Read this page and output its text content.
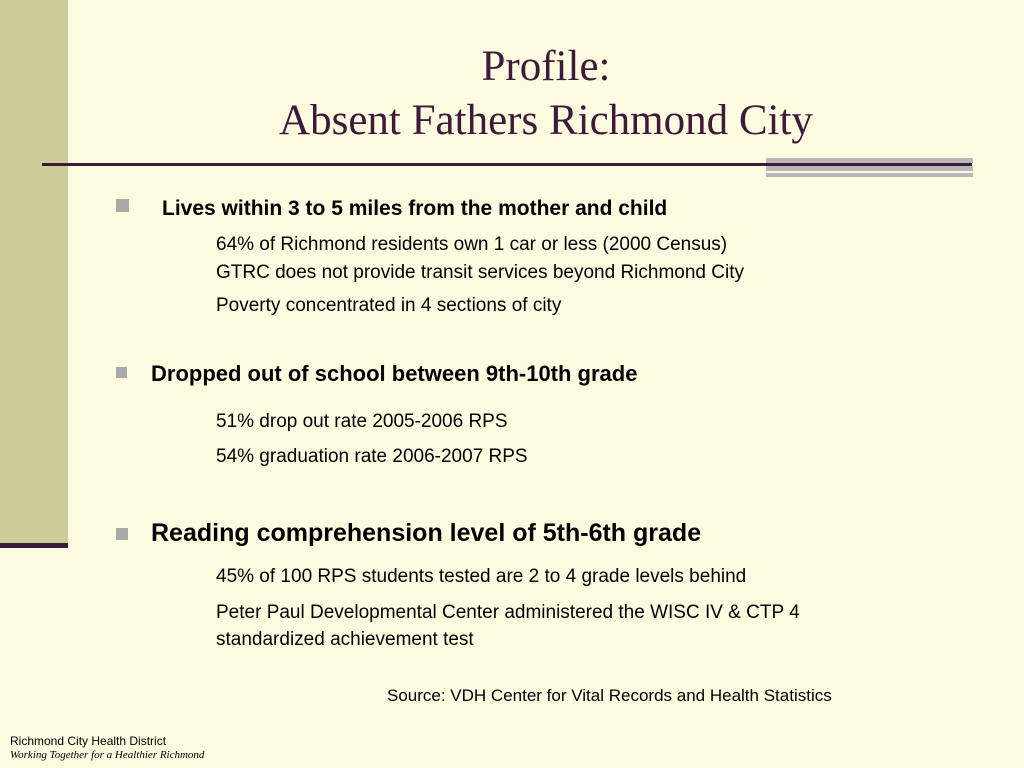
Profile:
Absent Fathers Richmond City
Lives within 3 to 5 miles from the mother and child
64% of Richmond residents own 1 car or less (2000 Census)
GTRC does not provide transit services beyond Richmond City
Poverty concentrated in 4 sections of city
Dropped out of school between 9th-10th grade
51% drop out rate 2005-2006 RPS
54% graduation rate 2006-2007 RPS
Reading comprehension level of 5th-6th grade
45% of 100 RPS students tested are 2 to 4 grade levels behind
Peter Paul Developmental Center administered the WISC IV & CTP 4
standardized achievement test
Source: VDH Center for Vital Records and Health Statistics
Richmond City Health District
Working Together for a Healthier Richmond
